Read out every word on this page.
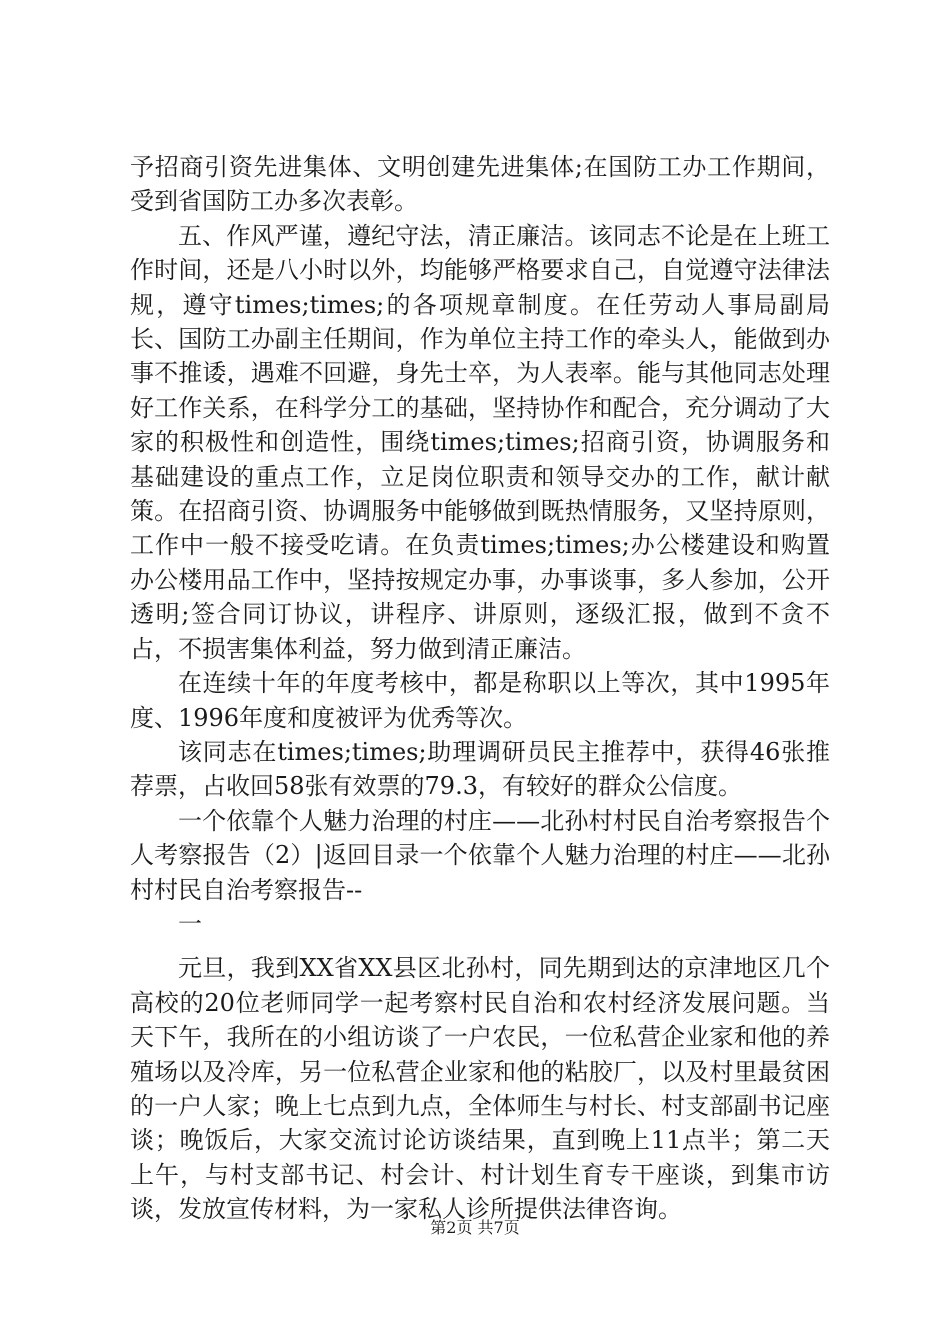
予招商引资先进集体、文明创建先进集体;在国防工办工作期间，受到省国防工办多次表彰。

五、作风严谨，遵纪守法，清正廉洁。该同志不论是在上班工作时间，还是八小时以外，均能够严格要求自己，自觉遵守法律法规，遵守times;times;的各项规章制度。在任劳动人事局副局长、国防工办副主任期间，作为单位主持工作的牵头人，能做到办事不推诿，遇难不回避，身先士卒，为人表率。能与其他同志处理好工作关系，在科学分工的基础，坚持协作和配合，充分调动了大家的积极性和创造性，围绕times;times;招商引资，协调服务和基础建设的重点工作，立足岗位职责和领导交办的工作，献计献策。在招商引资、协调服务中能够做到既热情服务，又坚持原则，工作中一般不接受吃请。在负责times;times;办公楼建设和购置办公楼用品工作中，坚持按规定办事，办事谈事，多人参加，公开透明;签合同订协议，讲程序、讲原则，逐级汇报，做到不贪不占，不损害集体利益，努力做到清正廉洁。

在连续十年的年度考核中，都是称职以上等次，其中1995年度、1996年度和度被评为优秀等次。

该同志在times;times;助理调研员民主推荐中，获得46张推荐票，占收回58张有效票的79.3，有较好的群众公信度。

一个依靠个人魅力治理的村庄——北孙村村民自治考察报告个人考察报告（2）|返回目录一个依靠个人魅力治理的村庄——北孙村村民自治考察报告--

一

元旦，我到XX省XX县区北孙村，同先期到达的京津地区几个高校的20位老师同学一起考察村民自治和农村经济发展问题。当天下午，我所在的小组访谈了一户农民，一位私营企业家和他的养殖场以及冷库，另一位私营企业家和他的粘胶厂，以及村里最贫困的一户人家；晚上七点到九点，全体师生与村长、村支部副书记座谈；晚饭后，大家交流讨论访谈结果，直到晚上11点半；第二天上午，与村支部书记、村会计、村计划生育专干座谈，到集市访谈，发放宣传材料，为一家私人诊所提供法律咨询。

第2页 共7页
